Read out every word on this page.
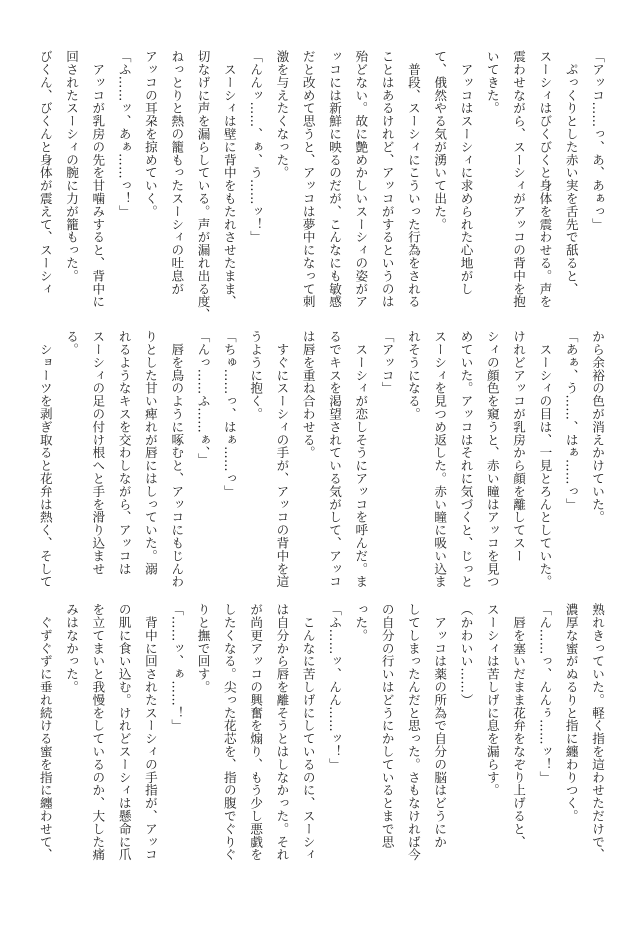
「アッコ……っ、あ、あぁっ」
　ぷっくりとした赤い実を舌先で舐ると、
スーシィはびくびくと身体を震わせる。声を
震わせながら、スーシィがアッコの背中を抱
いてきた。
　アッコはスーシィに求められた心地がし
て、俄然やる気が湧いて出た。
　普段、スーシィにこういった行為をされる
ことはあるけれど、アッコがするというのは
殆どない。故に艶めかしいスーシィの姿がア
ッコには新鮮に映るのだが、こんなにも敏感
だと改めて思うと、アッコは夢中になって刺
激を与えたくなった。
「んんッ……、ぁ、う……ッ！」
　スーシィは壁に背中をもたれさせたまま、
切なげに声を漏らしている。声が漏れ出る度、
ねっとりと熱の籠もったスーシィの吐息が
アッコの耳朶を掠めていく。
「ふ……ッ、あぁ……っ！」
　アッコが乳房の先を甘噛みすると、背中に
回されたスーシィの腕に力が籠もった。
びくん、びくんと身体が震えて、スーシィ
から余裕の色が消えかけていた。
「あぁ、う……、はぁ……っ」
　スーシィの目は、一見とろんとしていた。
けれどアッコが乳房から顔を離してスー
シィの顔色を窺うと、赤い瞳はアッコを見つ
めていた。アッコはそれに気づくと、じっと
スーシィを見つめ返した。赤い瞳に吸い込ま
れそうになる。
「アッコ」
　スーシィが恋しそうにアッコを呼んだ。ま
るでキスを渇望されている気がして、アッコ
は唇を重ね合わせる。
　すぐにスーシィの手が、アッコの背中を這
うように抱く。
「ちゅ……っ、はぁ……っ」
「んっ……ふ……ぁ、」
　唇を鳥のように啄むと、アッコにもじんわ
りとした甘い痺れが唇にはしっていた。溺
れるようなキスを交わしながら、アッコは
スーシィの足の付け根へと手を滑り込ませ
る。
　ショーツを剥ぎ取ると花弁は熱く、そして
熟れきっていた。軽く指を這わせただけで、
濃厚な蜜がぬるりと指に纏わりつく。
「ん……っ、んんぅ……ッ！」
　唇を塞いだまま花弁をなぞり上げると、
スーシィは苦しげに息を漏らす。
（かわいい……）
　アッコは薬の所為で自分の脳はどうにか
してしまったんだと思った。さもなければ今
の自分の行いはどうにかしているとまで思
った。
「ふ……ッ、んん……ッ！」
　こんなに苦しげにしているのに、スーシィ
は自分から唇を離そうとはしなかった。それ
が尚更アッコの興奮を煽り、もう少し悪戯を
したくなる。尖った花芯を、指の腹でぐりぐ
りと撫で回す。
「……ッ、ぁ……！」
　背中に回されたスーシィの手指が、アッコ
の肌に食い込む。けれどスーシィは懸命に爪
を立てまいと我慢をしているのか、大した痛
みはなかった。
　ぐずぐずに垂れ続ける蜜を指に纏わせて、
